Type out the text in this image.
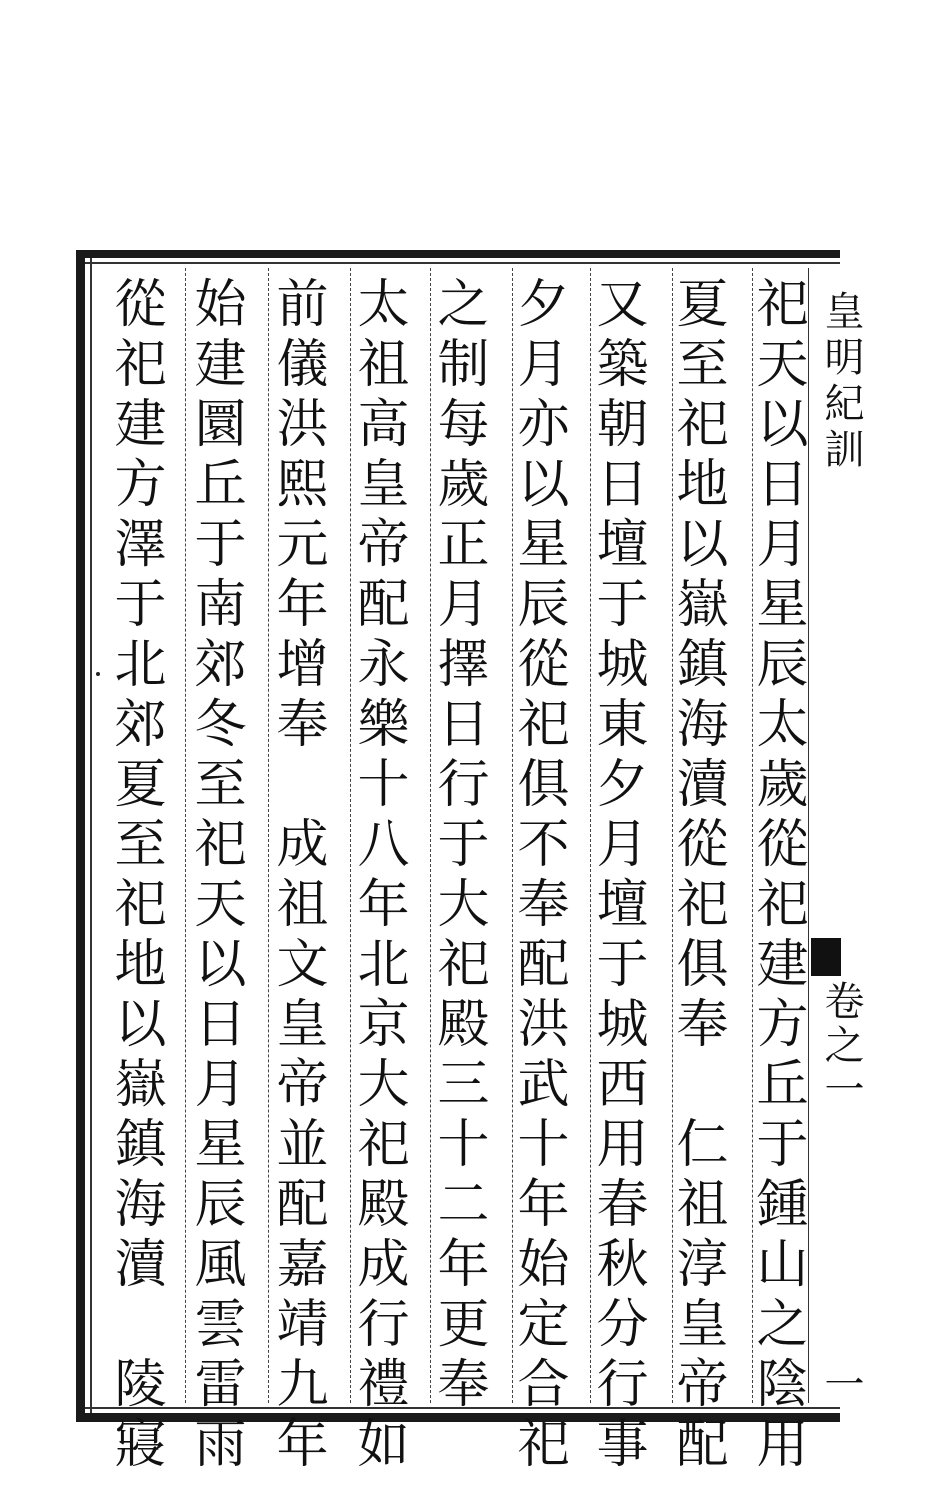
祀天以日月星辰太歲從祀建方丘于鍾山之陰用
夏至祀地以嶽鎮海瀆從祀俱奉　仁祖淳皇帝配
又築朝日壇于城東夕月壇于城西用春秋分行事
夕月亦以星辰從祀俱不奉配洪武十年始定合祀
之制每歲正月擇日行于大祀殿三十二年更奉
太祖高皇帝配永樂十八年北京大祀殿成行禮如
前儀洪熙元年增奉　成祖文皇帝並配嘉靖九年
始建圜丘于南郊冬至祀天以日月星辰風雲雷雨
從祀建方澤于北郊夏至祀地以嶽鎮海瀆　陵寢	皇明紀訓
卷之一
一
